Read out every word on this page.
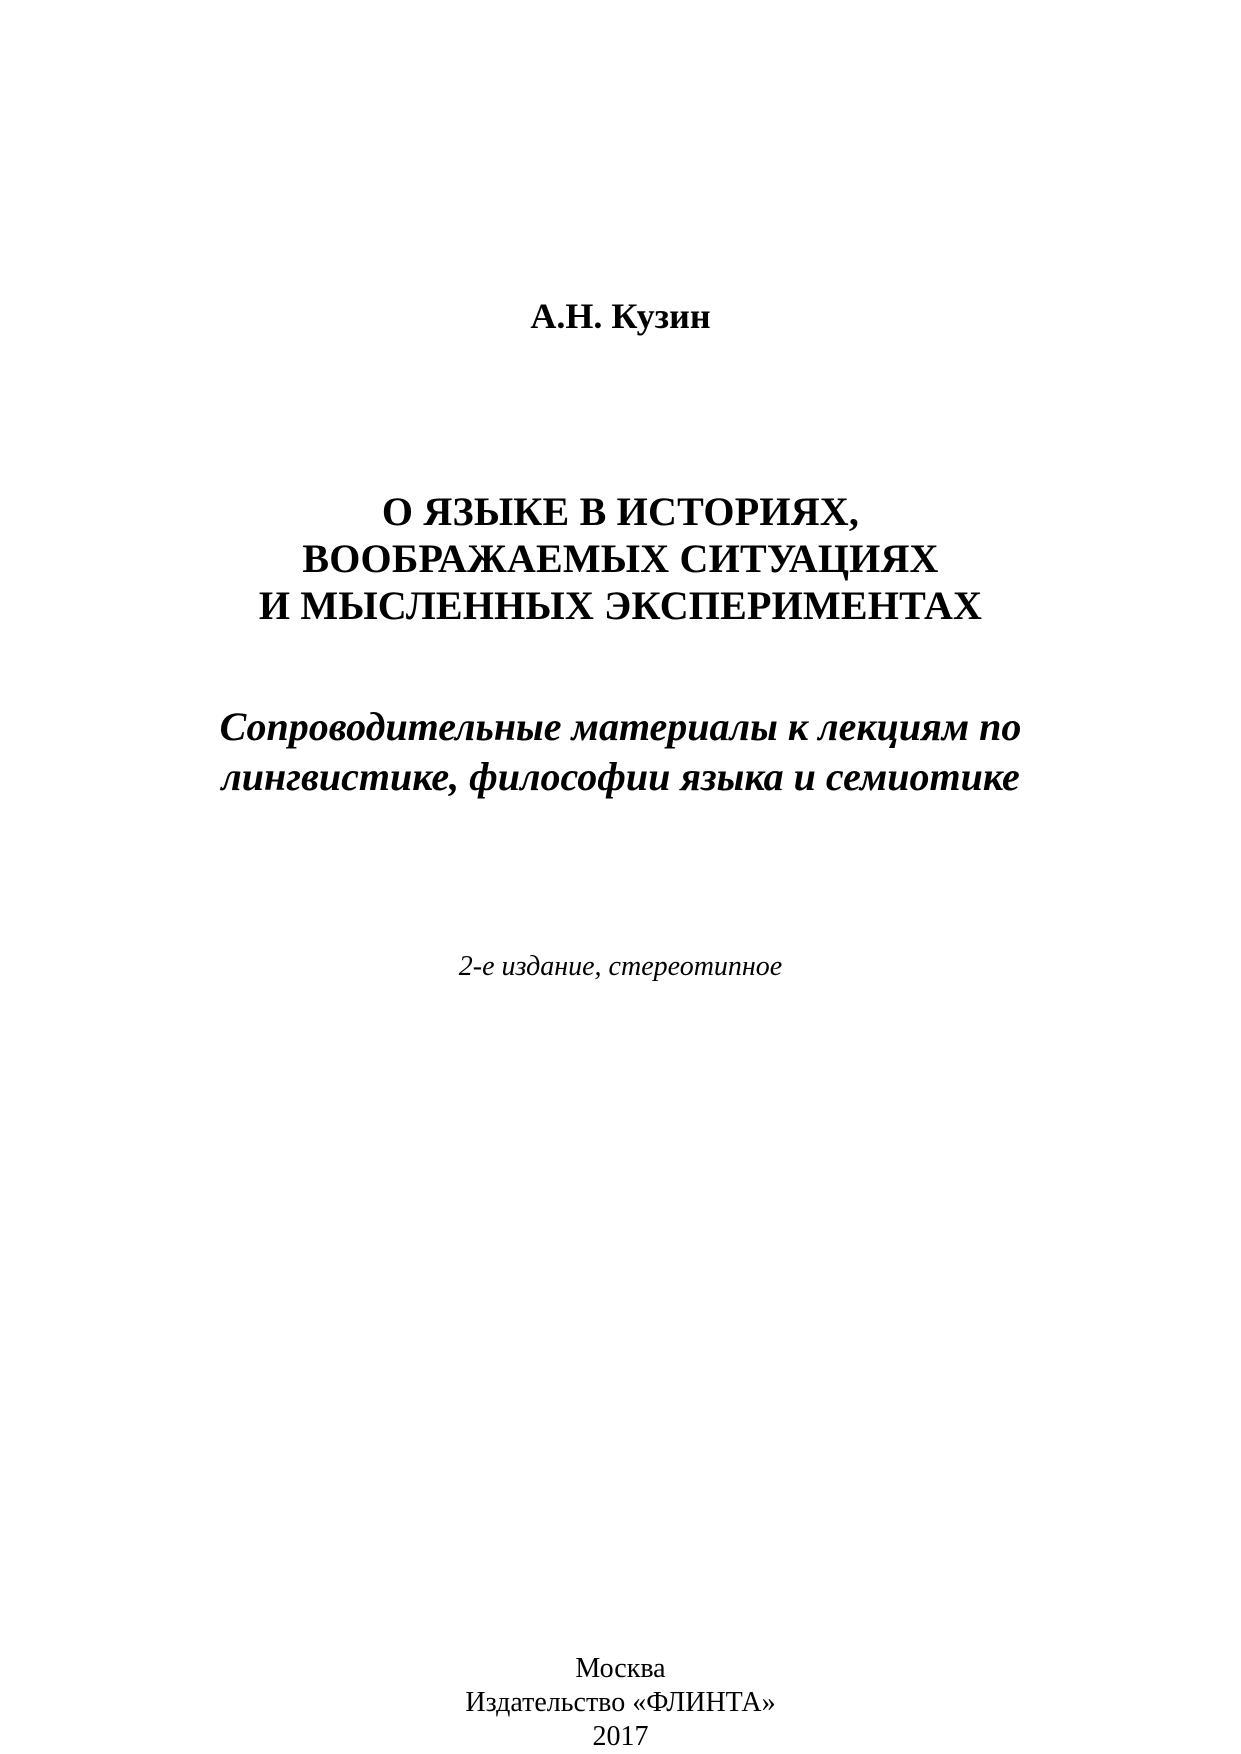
А.Н. Кузин
О ЯЗЫКЕ В ИСТОРИЯХ,
ВООБРАЖАЕМЫХ СИТУАЦИЯХ
И МЫСЛЕННЫХ ЭКСПЕРИМЕНТАХ
Сопроводительные материалы к лекциям по
лингвистике, философии языка и семиотике
2-е издание, стереотипное
Москва
Издательство «ФЛИНТА»
2017
